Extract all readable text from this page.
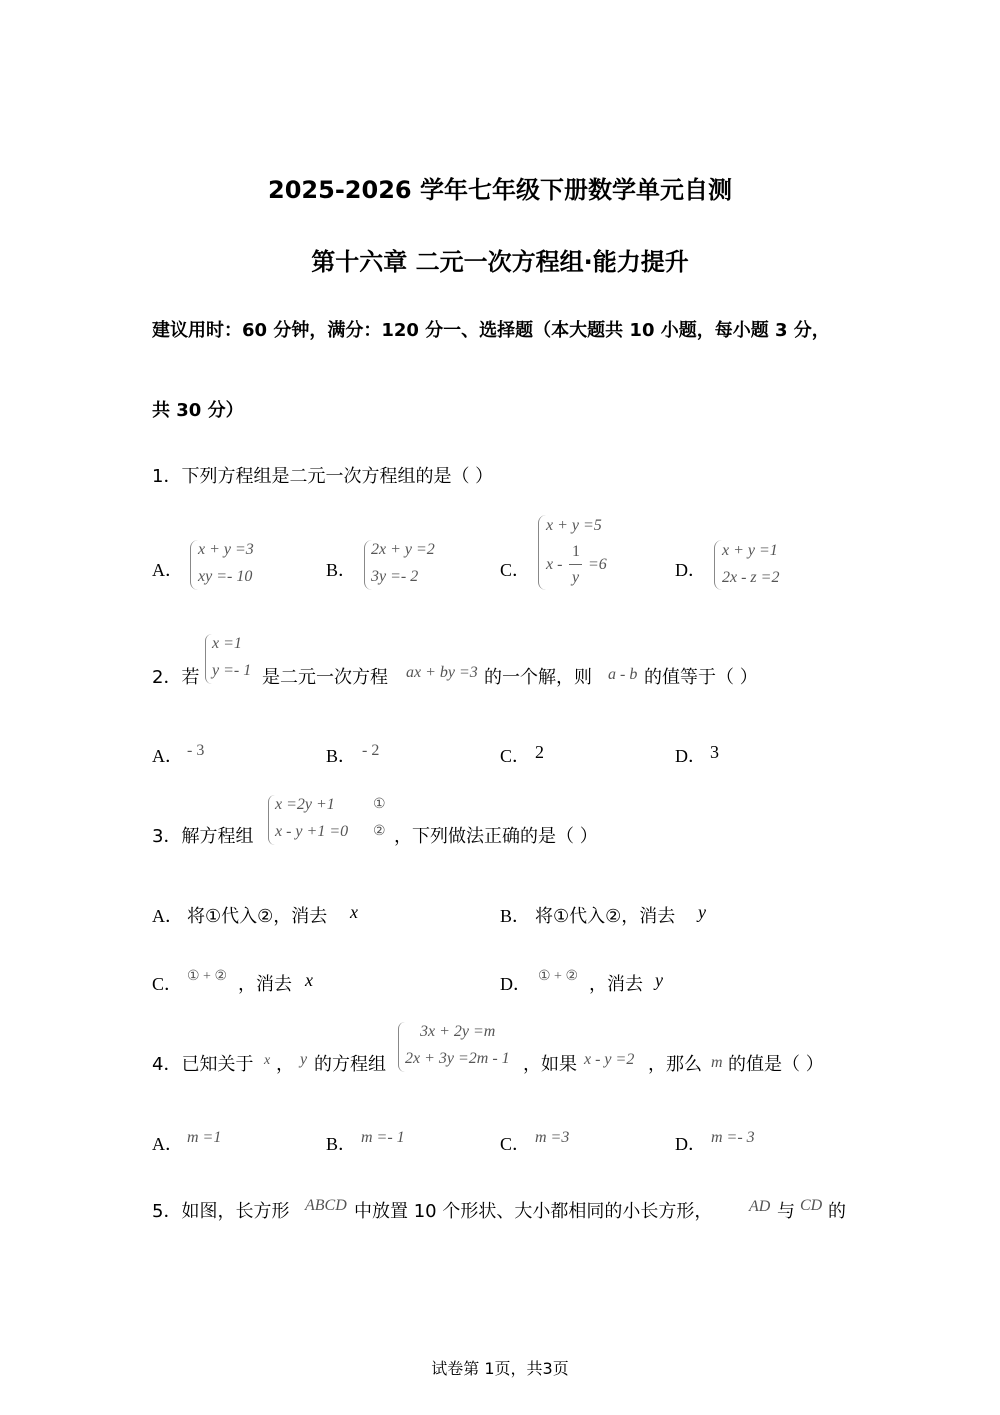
2025-2026 学年七年级下册数学单元自测
第十六章 二元一次方程组·能力提升
建议用时：60 分钟，满分：120 分一、选择题（本大题共 10 小题，每小题 3 分，
共 30 分）
1．下列方程组是二元一次方程组的是（ ）
A．
x + y =3
xy =- 10	B．
2x + y =2
3y =- 2	C．
x + y =5
x -
1
y
=6	D．
x + y =1
2x - z =2
2．若
x =1
y =- 1 是二元一次方程 ax + by =3 的一个解，则 a - b 的值等于（ ）
A． - 3	B． - 2	C． 2	D． 3
3．解方程组
x =2y +1
x - y +1 =0
①
② ，下列做法正确的是（ ）
A． 将①代入②，消去 x	B． 将①代入②，消去 y
C． ① + ② ，消去 x	D． ① + ② ，消去 y
4．已知关于 x ， y 的方程组
3x + 2y =m
2x + 3y =2m - 1 ，如果 x - y =2 ，那么 m 的值是（ ）
A． m =1	B． m =- 1	C． m =3	D． m =- 3
5．如图，长方形 ABCD 中放置 10 个形状、大小都相同的小长方形， AD 与 CD 的
试卷第 1页，共3页
